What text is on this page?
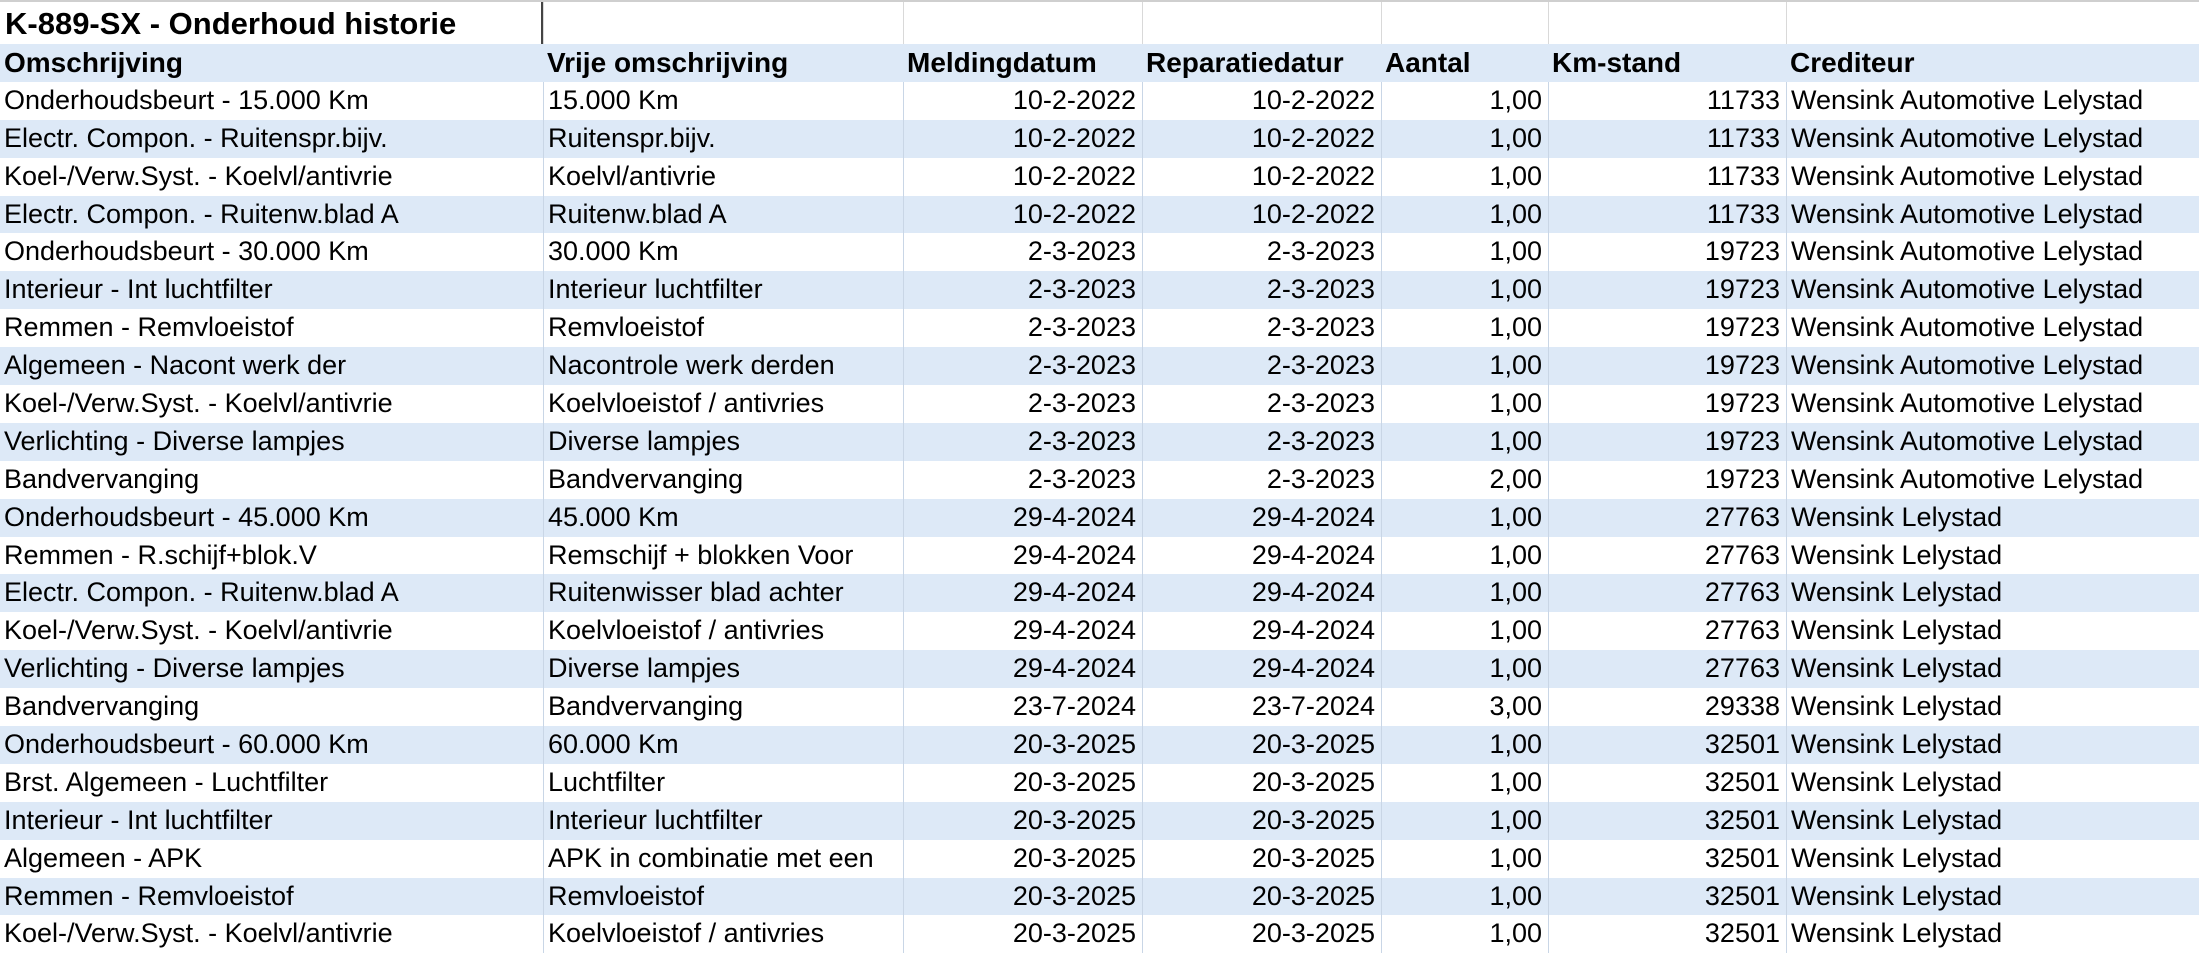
K-889-SX - Onderhoud historie
Omschrijving	Vrije omschrijving	Meldingdatum	Reparatiedatur	Aantal	Km-stand	Crediteur
Onderhoudsbeurt - 15.000 Km	15.000 Km	10-2-2022	10-2-2022	1,00	11733 Wensink Automotive Lelystad
Electr. Compon. - Ruitenspr.bijv.	Ruitenspr.bijv.	10-2-2022	10-2-2022	1,00	11733 Wensink Automotive Lelystad
Koel-/Verw.Syst. - Koelvl/antivrie	Koelvl/antivrie	10-2-2022	10-2-2022	1,00	11733 Wensink Automotive Lelystad
Electr. Compon. - Ruitenw.blad A	Ruitenw.blad A	10-2-2022	10-2-2022	1,00	11733 Wensink Automotive Lelystad
Onderhoudsbeurt - 30.000 Km	30.000 Km	2-3-2023	2-3-2023	1,00	19723 Wensink Automotive Lelystad
Interieur - Int luchtfilter	Interieur luchtfilter	2-3-2023	2-3-2023	1,00	19723 Wensink Automotive Lelystad
Remmen - Remvloeistof	Remvloeistof	2-3-2023	2-3-2023	1,00	19723 Wensink Automotive Lelystad
Algemeen - Nacont werk der	Nacontrole werk derden	2-3-2023	2-3-2023	1,00	19723 Wensink Automotive Lelystad
Koel-/Verw.Syst. - Koelvl/antivrie	Koelvloeistof / antivries	2-3-2023	2-3-2023	1,00	19723 Wensink Automotive Lelystad
Verlichting - Diverse lampjes	Diverse lampjes	2-3-2023	2-3-2023	1,00	19723 Wensink Automotive Lelystad
Bandvervanging	Bandvervanging	2-3-2023	2-3-2023	2,00	19723 Wensink Automotive Lelystad
Onderhoudsbeurt - 45.000 Km	45.000 Km	29-4-2024	29-4-2024	1,00	27763 Wensink Lelystad
Remmen - R.schijf+blok.V	Remschijf + blokken Voor	29-4-2024	29-4-2024	1,00	27763 Wensink Lelystad
Electr. Compon. - Ruitenw.blad A	Ruitenwisser blad achter	29-4-2024	29-4-2024	1,00	27763 Wensink Lelystad
Koel-/Verw.Syst. - Koelvl/antivrie	Koelvloeistof / antivries	29-4-2024	29-4-2024	1,00	27763 Wensink Lelystad
Verlichting - Diverse lampjes	Diverse lampjes	29-4-2024	29-4-2024	1,00	27763 Wensink Lelystad
Bandvervanging	Bandvervanging	23-7-2024	23-7-2024	3,00	29338 Wensink Lelystad
Onderhoudsbeurt - 60.000 Km	60.000 Km	20-3-2025	20-3-2025	1,00	32501 Wensink Lelystad
Brst. Algemeen - Luchtfilter	Luchtfilter	20-3-2025	20-3-2025	1,00	32501 Wensink Lelystad
Interieur - Int luchtfilter	Interieur luchtfilter	20-3-2025	20-3-2025	1,00	32501 Wensink Lelystad
Algemeen - APK	APK in combinatie met een	20-3-2025	20-3-2025	1,00	32501 Wensink Lelystad
Remmen - Remvloeistof	Remvloeistof	20-3-2025	20-3-2025	1,00	32501 Wensink Lelystad
Koel-/Verw.Syst. - Koelvl/antivrie	Koelvloeistof / antivries	20-3-2025	20-3-2025	1,00	32501 Wensink Lelystad
